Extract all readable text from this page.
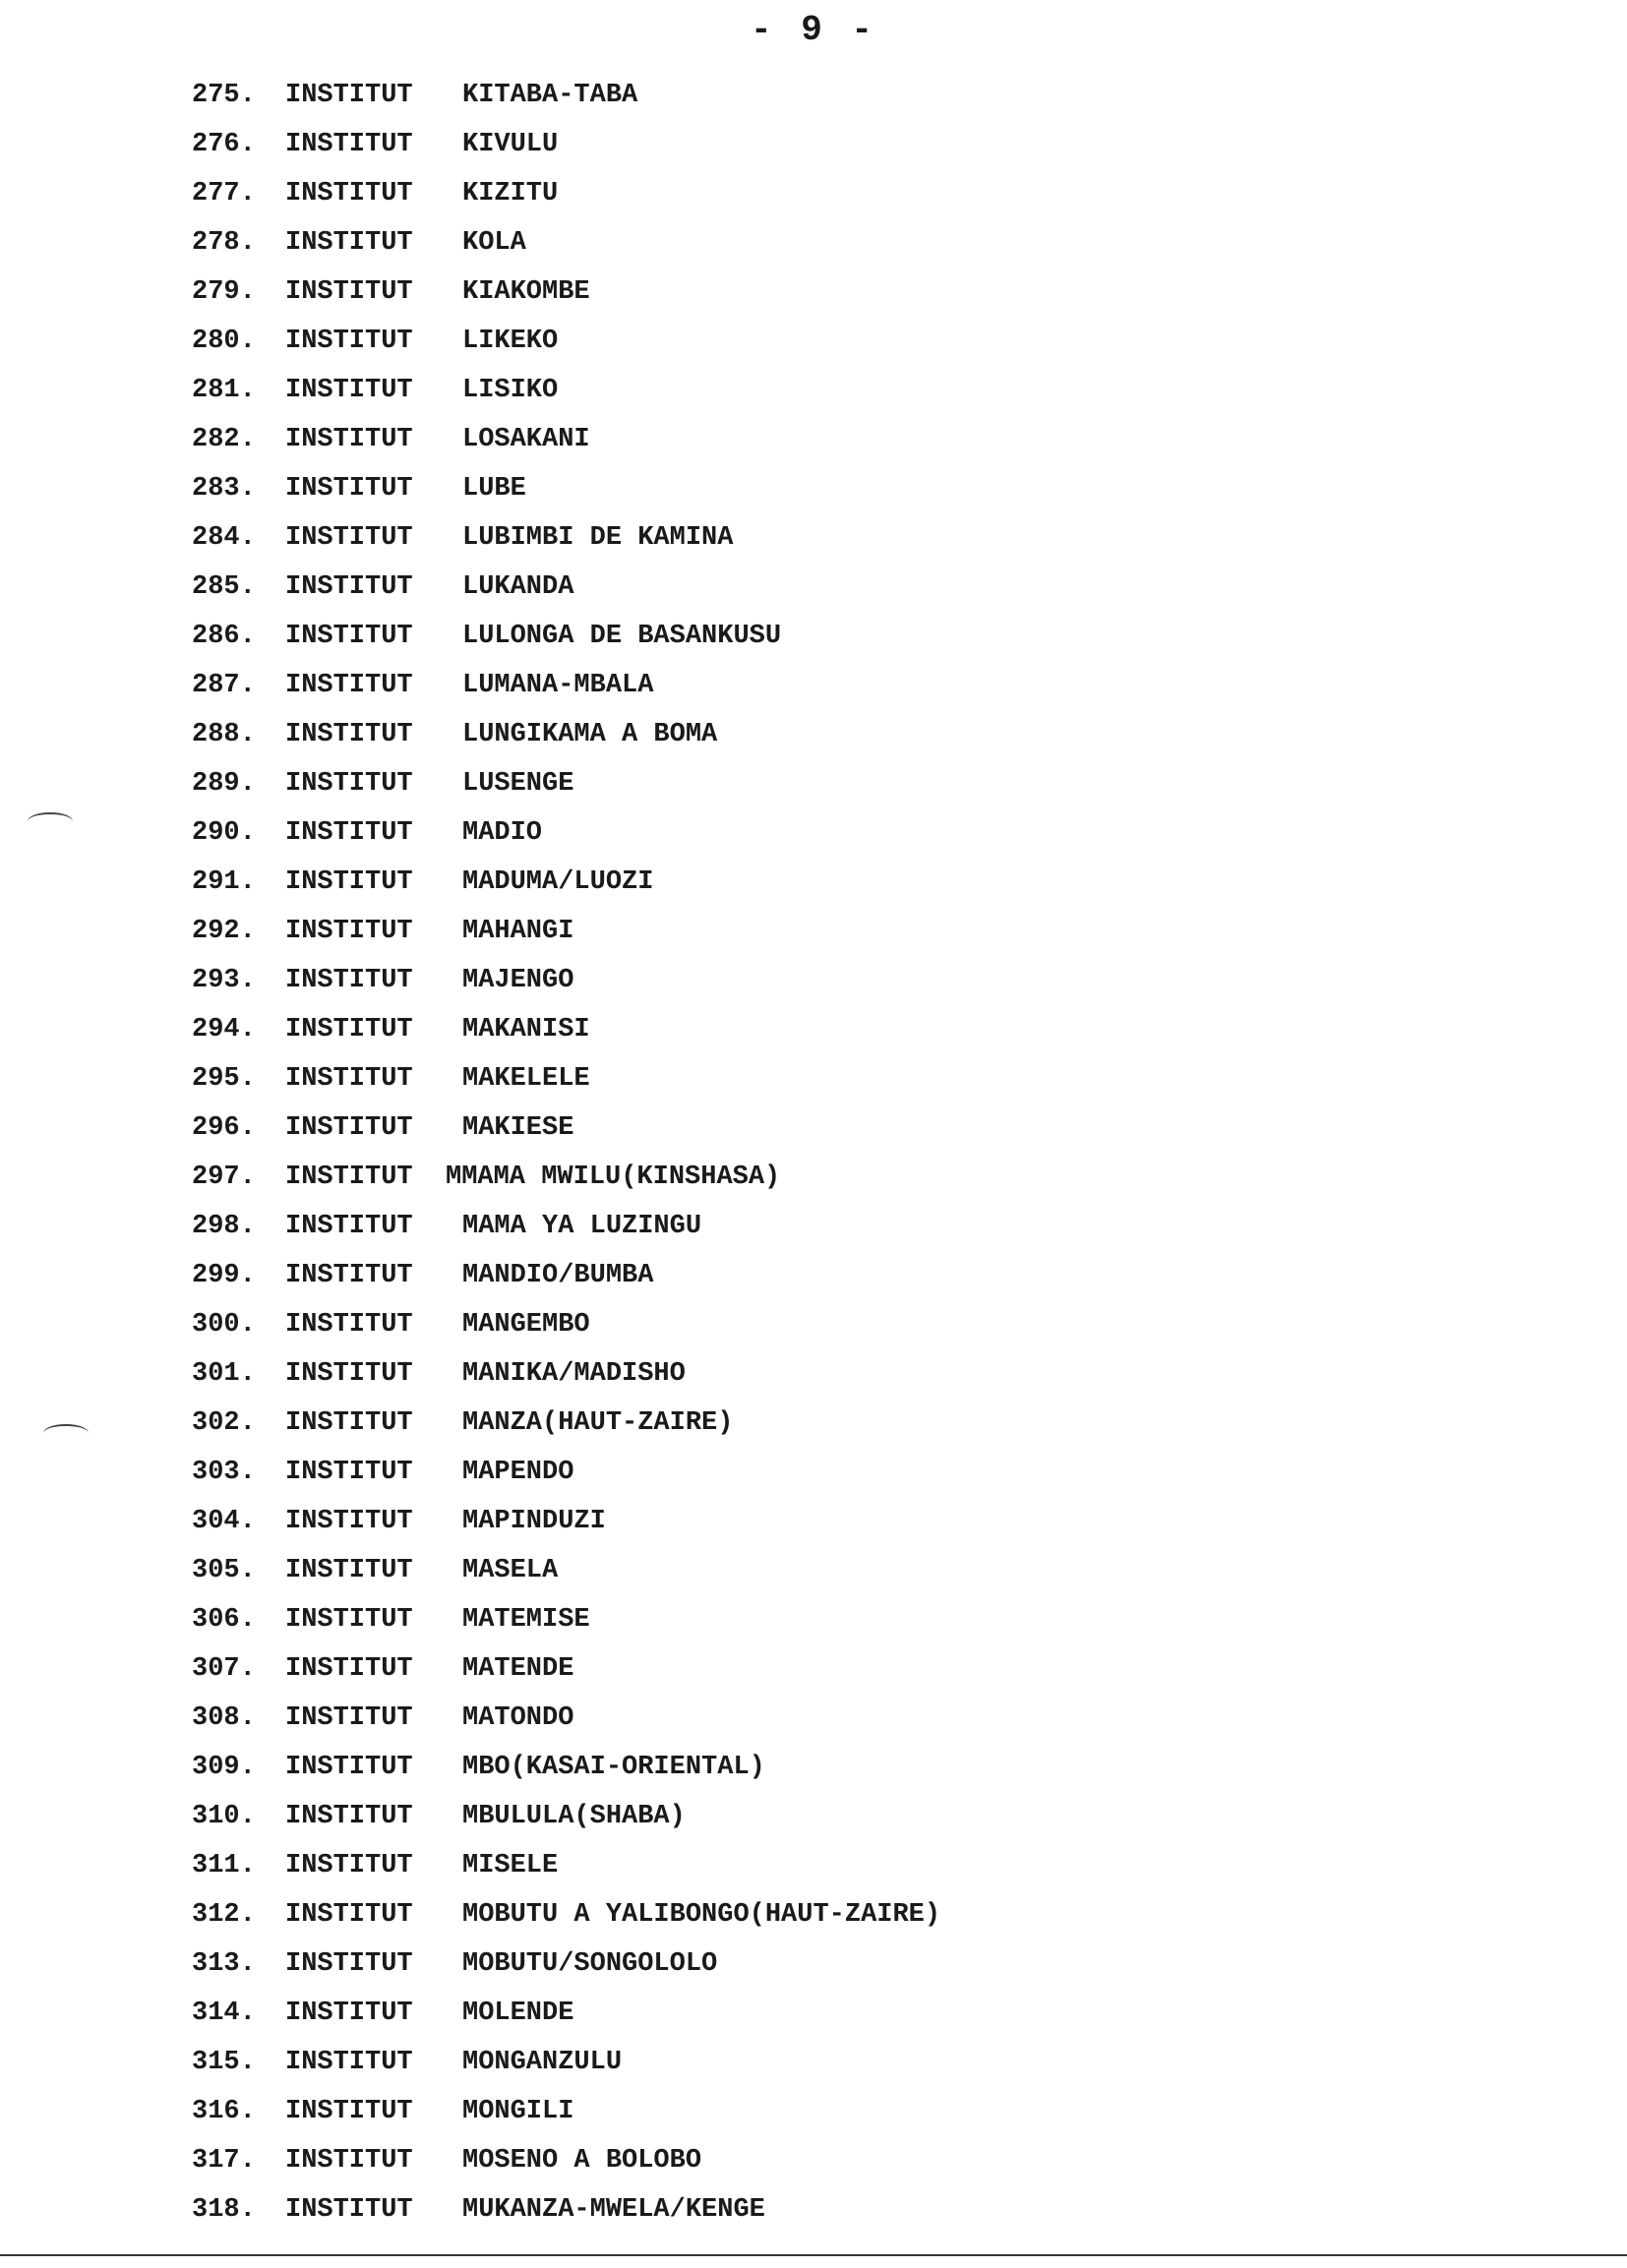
- 9 -
275.	INSTITUT KITABA-TABA
276.	INSTITUT KIVULU
277.	INSTITUT KIZITU
278.	INSTITUT KOLA
279.	INSTITUT KIAKOMBE
280.	INSTITUT LIKEKO
281.	INSTITUT LISIKO
282.	INSTITUT LOSAKANI
283.	INSTITUT LUBE
284.	INSTITUT LUBIMBI DE KAMINA
285.	INSTITUT LUKANDA
286.	INSTITUT LULONGA DE BASANKUSU
287.	INSTITUT LUMANA-MBALA
288.	INSTITUT LUNGIKAMA A BOMA
289.	INSTITUT LUSENGE
290.	INSTITUT MADIO
291.	INSTITUT MADUMA/LUOZI
292.	INSTITUT MAHANGI
293.	INSTITUT MAJENGO
294.	INSTITUT MAKANISI
295.	INSTITUT MAKELELE
296.	INSTITUT MAKIESE
297.	INSTITUT MMAMA MWILU(KINSHASA)
298.	INSTITUT MAMA YA LUZINGU
299.	INSTITUT MANDIO/BUMBA
300.	INSTITUT MANGEMBO
301.	INSTITUT MANIKA/MADISHO
302.	INSTITUT MANZA(HAUT-ZAIRE)
303.	INSTITUT MAPENDO
304.	INSTITUT MAPINDUZI
305.	INSTITUT MASELA
306.	INSTITUT MATEMISE
307.	INSTITUT MATENDE
308.	INSTITUT MATONDO
309.	INSTITUT MBO(KASAI-ORIENTAL)
310.	INSTITUT MBULULA(SHABA)
311.	INSTITUT MISELE
312.	INSTITUT MOBUTU A YALIBONGO(HAUT-ZAIRE)
313.	INSTITUT MOBUTU/SONGOLOLO
314.	INSTITUT MOLENDE
315.	INSTITUT MONGANZULU
316.	INSTITUT MONGILI
317.	INSTITUT MOSENO A BOLOBO
318.	INSTITUT MUKANZA-MWELA/KENGE
